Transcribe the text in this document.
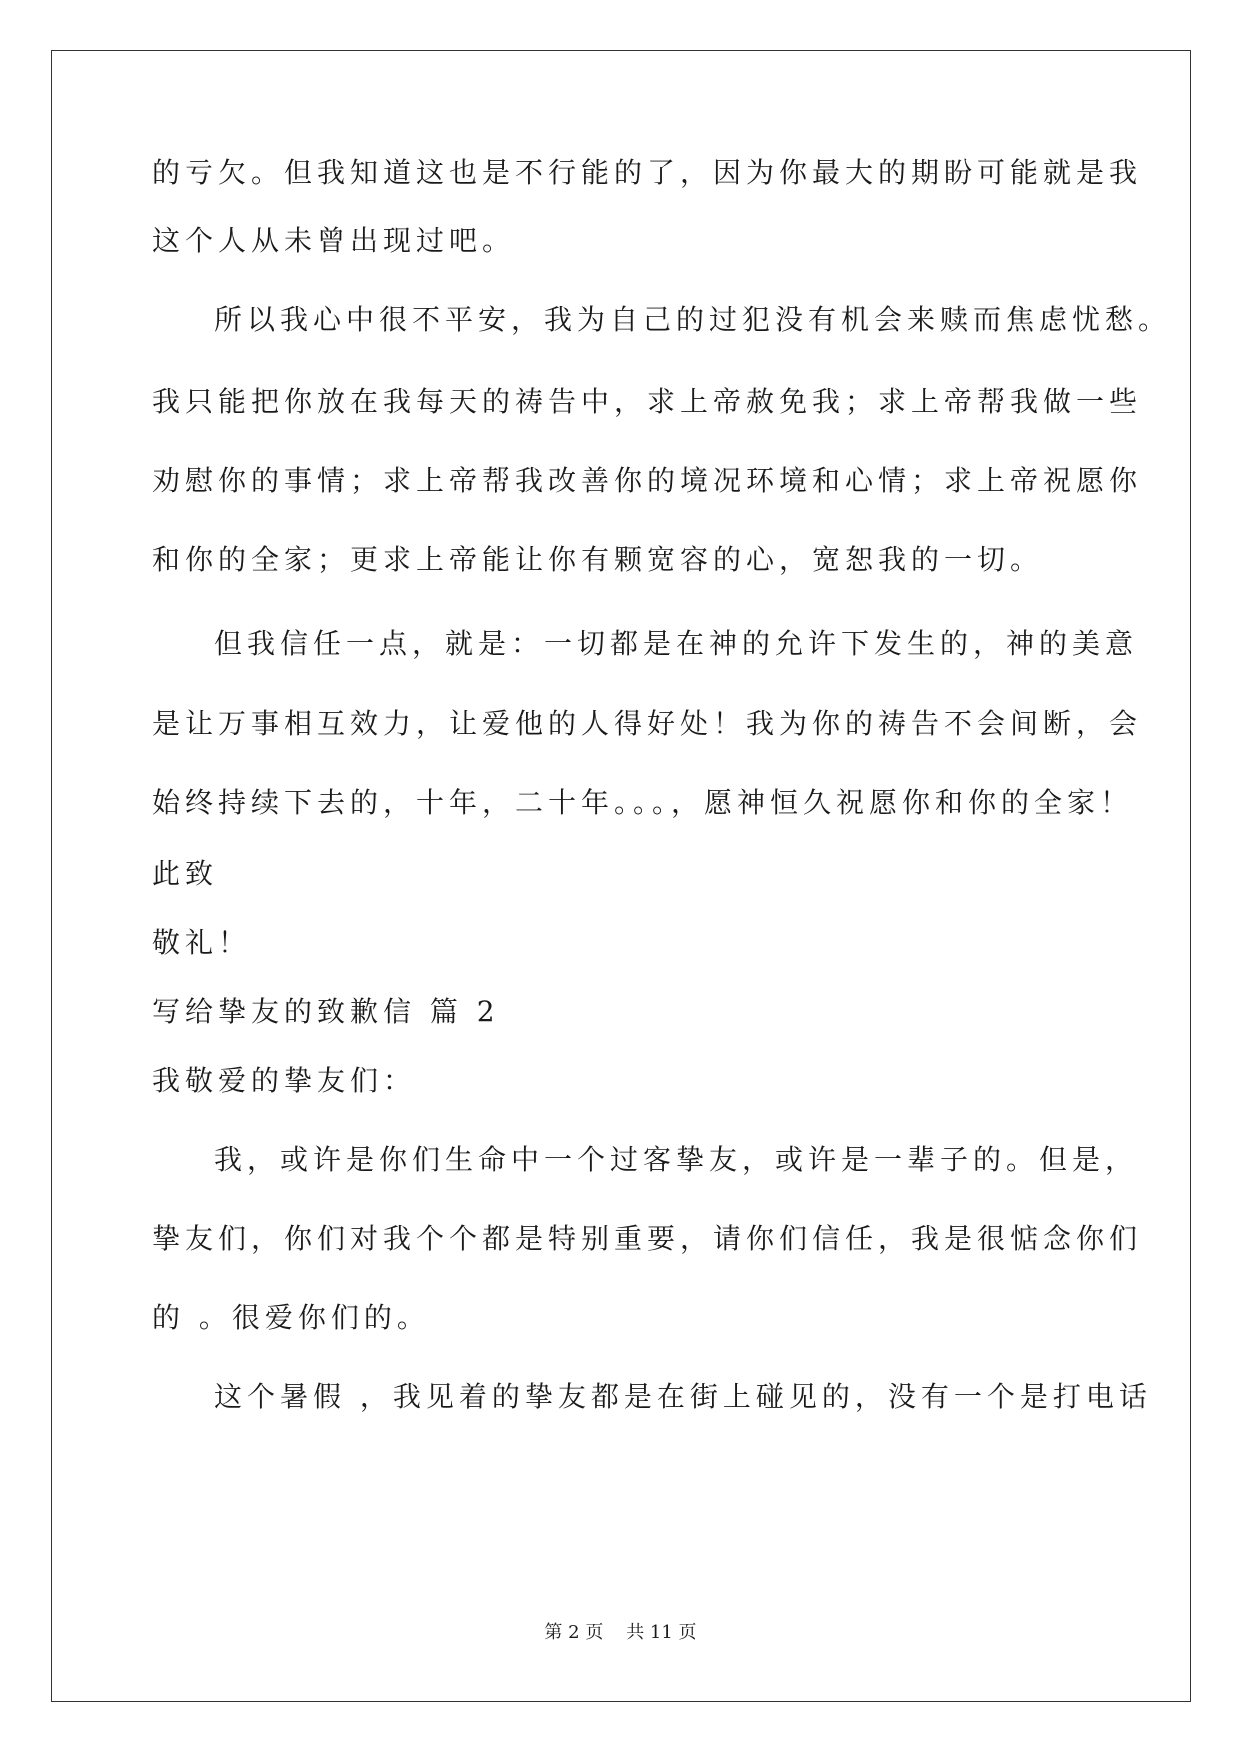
的亏欠。但我知道这也是不行能的了，因为你最大的期盼可能就是我
这个人从未曾出现过吧。
所以我心中很不平安，我为自己的过犯没有机会来赎而焦虑忧愁。
我只能把你放在我每天的祷告中，求上帝赦免我；求上帝帮我做一些
劝慰你的事情；求上帝帮我改善你的境况环境和心情；求上帝祝愿你
和你的全家；更求上帝能让你有颗宽容的心，宽恕我的一切。
但我信任一点，就是：一切都是在神的允许下发生的，神的美意
是让万事相互效力，让爱他的人得好处！我为你的祷告不会间断，会
始终持续下去的，十年，二十年。。。，愿神恒久祝愿你和你的全家！
此致
敬礼！
写给挚友的致歉信 篇 2
我敬爱的挚友们：
我，或许是你们生命中一个过客挚友，或许是一辈子的。但是，
挚友们，你们对我个个都是特别重要，请你们信任，我是很惦念你们
的 。很爱你们的。
这个暑假 ，我见着的挚友都是在街上碰见的，没有一个是打电话
第 2 页    共 11 页
